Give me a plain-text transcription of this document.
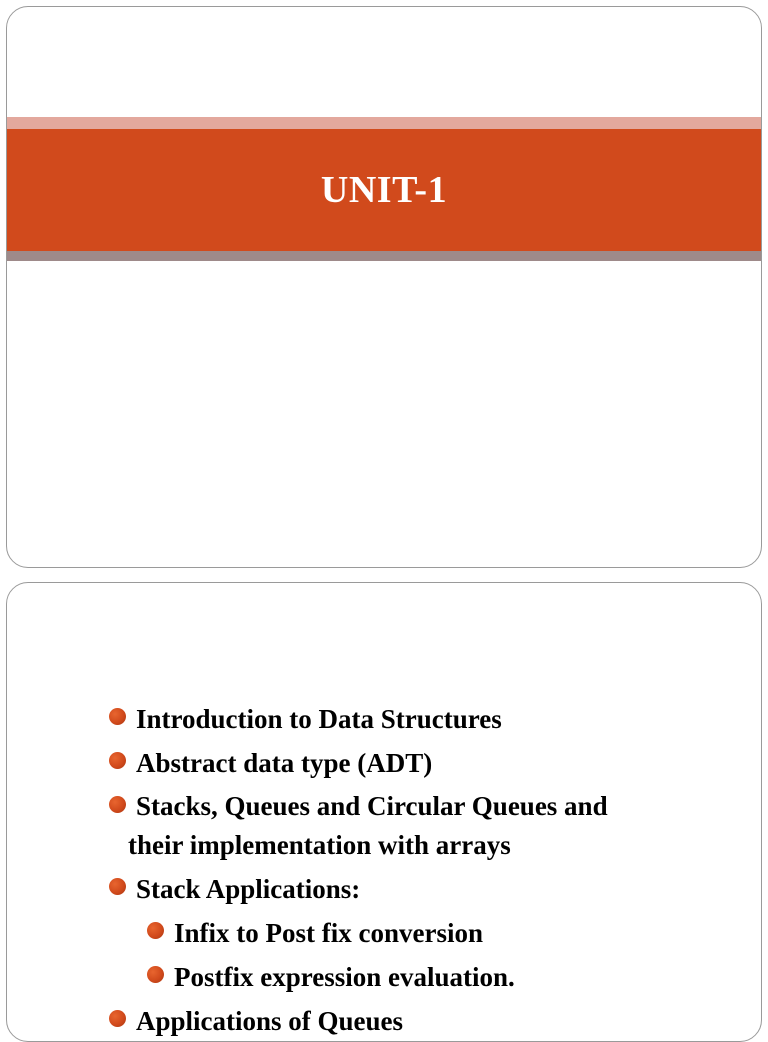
UNIT-1
Introduction to Data Structures
Abstract data type (ADT)
Stacks, Queues and Circular Queues and
their implementation with arrays
Stack Applications:
Infix to Post fix conversion
Postfix expression evaluation.
Applications of Queues
